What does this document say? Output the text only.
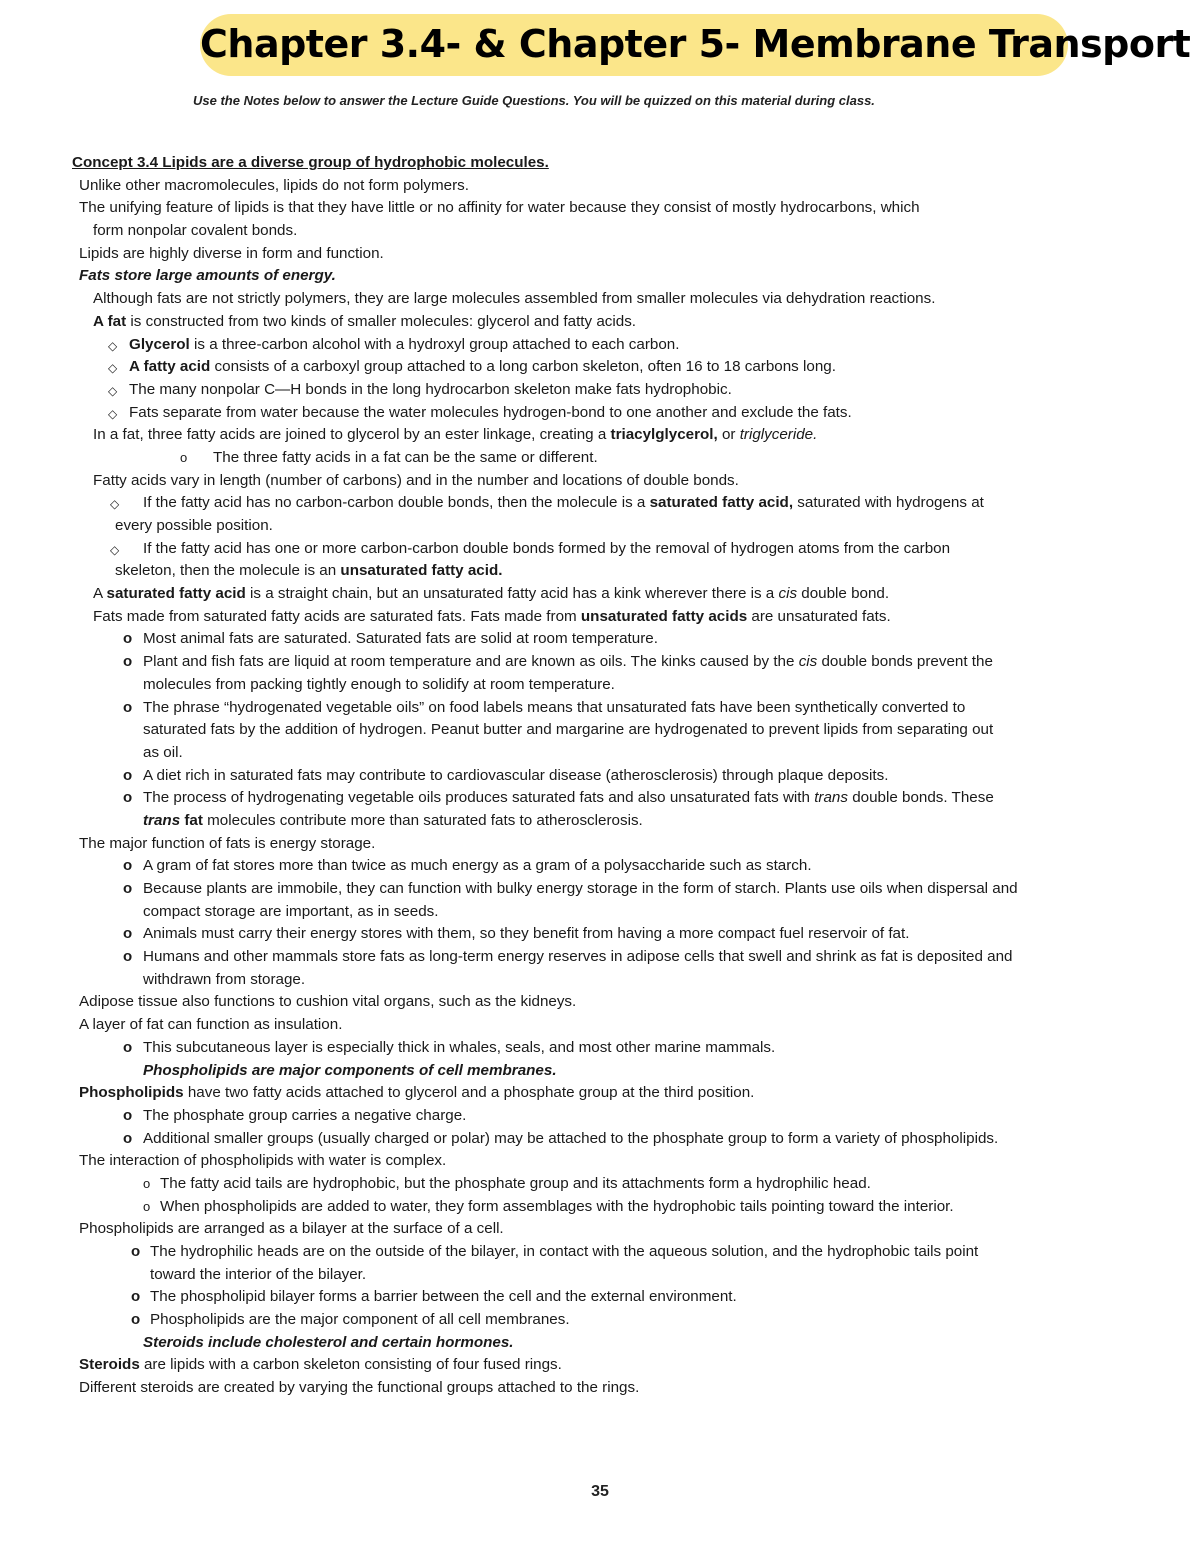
Chapter 3.4- & Chapter 5- Membrane Transport
Use the Notes below to answer the Lecture Guide Questions. You will be quizzed on this material during class.
Concept 3.4 Lipids are a diverse group of hydrophobic molecules.
Unlike other macromolecules, lipids do not form polymers.
The unifying feature of lipids is that they have little or no affinity for water because they consist of mostly hydrocarbons, which
form nonpolar covalent bonds.
Lipids are highly diverse in form and function.
Fats store large amounts of energy.
Although fats are not strictly polymers, they are large molecules assembled from smaller molecules via dehydration reactions.
A fat is constructed from two kinds of smaller molecules: glycerol and fatty acids.
◇ Glycerol is a three-carbon alcohol with a hydroxyl group attached to each carbon.
◇ A fatty acid consists of a carboxyl group attached to a long carbon skeleton, often 16 to 18 carbons long.
◇ The many nonpolar C—H bonds in the long hydrocarbon skeleton make fats hydrophobic.
◇ Fats separate from water because the water molecules hydrogen-bond to one another and exclude the fats.
In a fat, three fatty acids are joined to glycerol by an ester linkage, creating a triacylglycerol, or triglyceride.
o The three fatty acids in a fat can be the same or different.
Fatty acids vary in length (number of carbons) and in the number and locations of double bonds.
◇ If the fatty acid has no carbon-carbon double bonds, then the molecule is a saturated fatty acid, saturated with hydrogens at
every possible position.
◇ If the fatty acid has one or more carbon-carbon double bonds formed by the removal of hydrogen atoms from the carbon
skeleton, then the molecule is an unsaturated fatty acid.
A saturated fatty acid is a straight chain, but an unsaturated fatty acid has a kink wherever there is a cis double bond.
Fats made from saturated fatty acids are saturated fats. Fats made from unsaturated fatty acids are unsaturated fats.
o Most animal fats are saturated. Saturated fats are solid at room temperature.
o Plant and fish fats are liquid at room temperature and are known as oils. The kinks caused by the cis double bonds prevent the
molecules from packing tightly enough to solidify at room temperature.
o The phrase “hydrogenated vegetable oils” on food labels means that unsaturated fats have been synthetically converted to
saturated fats by the addition of hydrogen. Peanut butter and margarine are hydrogenated to prevent lipids from separating out
as oil.
o A diet rich in saturated fats may contribute to cardiovascular disease (atherosclerosis) through plaque deposits.
o The process of hydrogenating vegetable oils produces saturated fats and also unsaturated fats with trans double bonds. These
trans fat molecules contribute more than saturated fats to atherosclerosis.
The major function of fats is energy storage.
o A gram of fat stores more than twice as much energy as a gram of a polysaccharide such as starch.
o Because plants are immobile, they can function with bulky energy storage in the form of starch. Plants use oils when dispersal and
compact storage are important, as in seeds.
o Animals must carry their energy stores with them, so they benefit from having a more compact fuel reservoir of fat.
o Humans and other mammals store fats as long-term energy reserves in adipose cells that swell and shrink as fat is deposited and
withdrawn from storage.
Adipose tissue also functions to cushion vital organs, such as the kidneys.
A layer of fat can function as insulation.
o This subcutaneous layer is especially thick in whales, seals, and most other marine mammals.
Phospholipids are major components of cell membranes.
Phospholipids have two fatty acids attached to glycerol and a phosphate group at the third position.
o The phosphate group carries a negative charge.
o Additional smaller groups (usually charged or polar) may be attached to the phosphate group to form a variety of phospholipids.
The interaction of phospholipids with water is complex.
o The fatty acid tails are hydrophobic, but the phosphate group and its attachments form a hydrophilic head.
o When phospholipids are added to water, they form assemblages with the hydrophobic tails pointing toward the interior.
Phospholipids are arranged as a bilayer at the surface of a cell.
o The hydrophilic heads are on the outside of the bilayer, in contact with the aqueous solution, and the hydrophobic tails point
toward the interior of the bilayer.
o The phospholipid bilayer forms a barrier between the cell and the external environment.
o Phospholipids are the major component of all cell membranes.
Steroids include cholesterol and certain hormones.
Steroids are lipids with a carbon skeleton consisting of four fused rings.
Different steroids are created by varying the functional groups attached to the rings.
35
